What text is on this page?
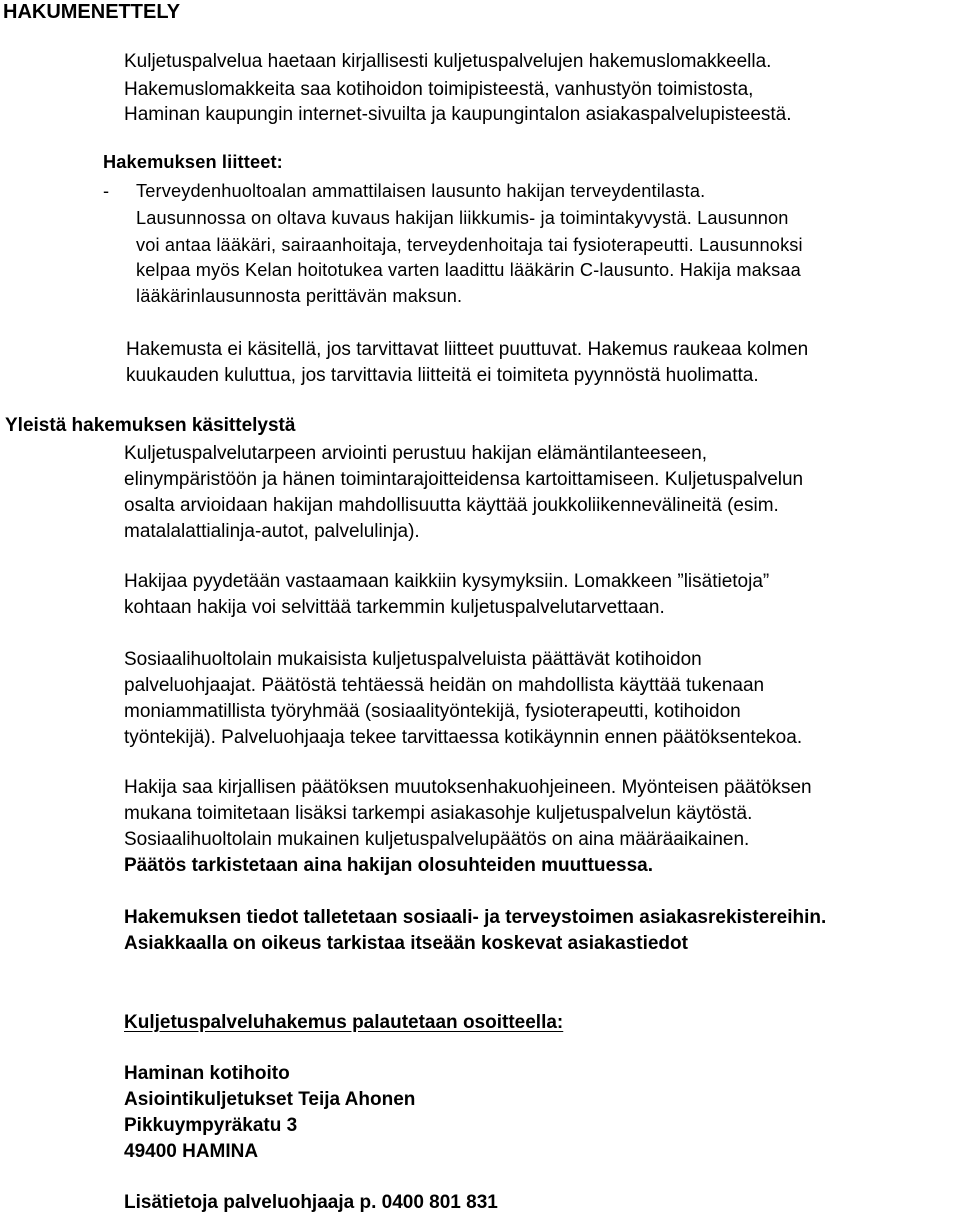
HAKUMENETTELY
Kuljetuspalvelua haetaan kirjallisesti kuljetuspalvelujen hakemuslomakkeella.
Hakemuslomakkeita saa kotihoidon toimipisteestä, vanhustyön toimistosta,
Haminan kaupungin internet-sivuilta ja kaupungintalon asiakaspalvelupisteestä.
Hakemuksen liitteet:
- Terveydenhuoltoalan ammattilaisen lausunto hakijan terveydentilasta.
Lausunnossa on oltava kuvaus hakijan liikkumis- ja toimintakyvystä. Lausunnon
voi antaa lääkäri, sairaanhoitaja, terveydenhoitaja tai fysioterapeutti. Lausunnoksi
kelpaa myös Kelan hoitotukea varten laadittu lääkärin C-lausunto. Hakija maksaa
lääkärinlausunnosta perittävän maksun.
Hakemusta ei käsitellä, jos tarvittavat liitteet puuttuvat. Hakemus raukeaa kolmen
kuukauden kuluttua, jos tarvittavia liitteitä ei toimiteta pyynnöstä huolimatta.
Yleistä hakemuksen käsittelystä
Kuljetuspalvelutarpeen arviointi perustuu hakijan elämäntilanteeseen,
elinympäristöön ja hänen toimintarajoitteidensa kartoittamiseen. Kuljetuspalvelun
osalta arvioidaan hakijan mahdollisuutta käyttää joukkoliikennevälineitä (esim.
matalalattialinja-autot, palvelulinja).
Hakijaa pyydetään vastaamaan kaikkiin kysymyksiin. Lomakkeen ”lisätietoja”
kohtaan hakija voi selvittää tarkemmin kuljetuspalvelutarvettaan.
Sosiaalihuoltolain mukaisista kuljetuspalveluista päättävät kotihoidon
palveluohjaajat. Päätöstä tehtäessä heidän on mahdollista käyttää tukenaan
moniammatillista työryhmää (sosiaalityöntekijä, fysioterapeutti, kotihoidon
työntekijä). Palveluohjaaja tekee tarvittaessa kotikäynnin ennen päätöksentekoa.
Hakija saa kirjallisen päätöksen muutoksenhakuohjeineen. Myönteisen päätöksen
mukana toimitetaan lisäksi tarkempi asiakasohje kuljetuspalvelun käytöstä.
Sosiaalihuoltolain mukainen kuljetuspalvelupäätös on aina määräaikainen.
Päätös tarkistetaan aina hakijan olosuhteiden muuttuessa.
Hakemuksen tiedot talletetaan sosiaali- ja terveystoimen asiakasrekistereihin.
Asiakkaalla on oikeus tarkistaa itseään koskevat asiakastiedot
Kuljetuspalveluhakemus palautetaan osoitteella:
Haminan kotihoito
Asiointikuljetukset Teija Ahonen
Pikkuympyräkatu 3
49400 HAMINA
Lisätietoja palveluohjaaja p. 0400 801 831
